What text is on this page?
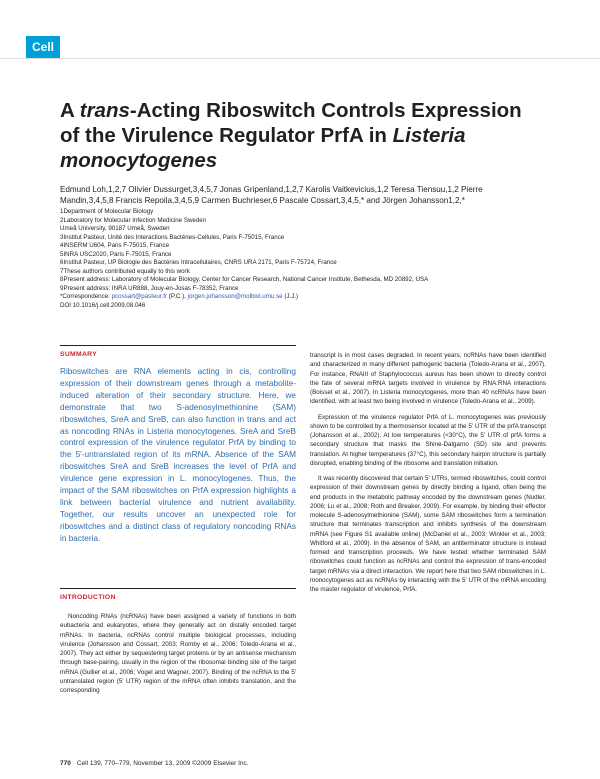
Cell
A trans-Acting Riboswitch Controls Expression of the Virulence Regulator PrfA in Listeria monocytogenes
Edmund Loh,1,2,7 Olivier Dussurget,3,4,5,7 Jonas Gripenland,1,2,7 Karolis Vaitkevicius,1,2 Teresa Tiensuu,1,2 Pierre Mandin,3,4,5,8 Francis Repoila,3,4,5,9 Carmen Buchrieser,6 Pascale Cossart,3,4,5,* and Jörgen Johansson1,2,*
1Department of Molecular Biology
2Laboratory for Molecular Infection Medicine Sweden
Umeå University, 90187 Umeå, Sweden
3Institut Pasteur, Unité des Interactions Bactéries-Cellules, Paris F-75015, France
4INSERM U604, Paris F-75015, France
5INRA USC2020, Paris F-75015, France
6Institut Pasteur, UP Biologie des Bactéries Intracellulaires, CNRS URA 2171, Paris F-75724, France
7These authors contributed equally to this work
8Present address: Laboratory of Molecular Biology, Center for Cancer Research, National Cancer Institute, Bethesda, MD 20892, USA
9Present address: INRA UR888, Jouy-en-Josas F-78352, France
*Correspondence: pcossart@pasteur.fr (P.C.), jorgen.johansson@molbiol.umu.se (J.J.)
DOI 10.1016/j.cell.2009.08.046
SUMMARY
Riboswitches are RNA elements acting in cis, controlling expression of their downstream genes through a metabolite-induced alteration of their secondary structure. Here, we demonstrate that two S-adenosylmethionine (SAM) riboswitches, SreA and SreB, can also function in trans and act as noncoding RNAs in Listeria monocytogenes. SreA and SreB control expression of the virulence regulator PrfA by binding to the 5′-untranslated region of its mRNA. Absence of the SAM riboswitches SreA and SreB increases the level of PrfA and virulence gene expression in L. monocytogenes. Thus, the impact of the SAM riboswitches on PrfA expression highlights a link between bacterial virulence and nutrient availability. Together, our results uncover an unexpected role for riboswitches and a distinct class of regulatory noncoding RNAs in bacteria.
INTRODUCTION

Noncoding RNAs (ncRNAs) have been assigned a variety of functions in both eubacteria and eukaryotes, where they generally act on distally encoded target mRNAs. In bacteria, ncRNAs control multiple biological processes, including virulence (Johansson and Cossart, 2003; Romby et al., 2006; Toledo-Arana et al., 2007). They act either by sequestering target proteins or by an antisense mechanism through base-pairing, usually in the region of the ribosomal binding site of the target mRNA (Gullier et al., 2006; Vogel and Wagner, 2007). Binding of the ncRNA to the 5′ untranslated region (5′ UTR) region of the mRNA often inhibits translation, and the corresponding

transcript is in most cases degraded. In recent years, ncRNAs have been identified and characterized in many different pathogenic bacteria (Toledo-Arana et al., 2007). For instance, RNAIII of Staphylococcus aureus has been shown to directly control the fate of several mRNA targets involved in virulence by RNA:RNA interactions (Boisset et al., 2007). In Listeria monocytogenes, more than 40 ncRNAs have been identified, with at least two being involved in virulence (Toledo-Arana et al., 2009).

Expression of the virulence regulator PrfA of L. monocytogenes was previously shown to be controlled by a thermosensor located at the 5′ UTR of the prfA transcript (Johansson et al., 2002). At low temperatures (<30°C), the 5′ UTR of prfA forms a secondary structure that masks the Shine-Dalgarno (SD) site and prevents translation. At higher temperatures (37°C), this secondary hairpin structure is partially disrupted, enabling binding of the ribosome and translation initiation.

It was recently discovered that certain 5′ UTRs, termed riboswitches, could control expression of their downstream genes by directly binding a ligand, often being the end products in the metabolic pathway encoded by the downstream genes (Nudler, 2006; Lu et al., 2008; Roth and Breaker, 2009). For example, by binding their effector molecule S-adenosylmethionine (SAM), some SAM riboswitches form a termination structure that terminates transcription and inhibits synthesis of the downstream mRNA (see Figure S1 available online) (McDaniel et al., 2003; Winkler et al., 2003; Whitford et al., 2009). In the absence of SAM, an antiterminator structure is instead formed and transcription proceeds. We have tested whether terminated SAM riboswitches could function as ncRNAs and control the expression of trans-encoded target mRNAs via a direct interaction. We report here that two SAM riboswitches in L. monocytogenes act as ncRNAs by interacting with the 5′ UTR of the mRNA encoding the master regulator of virulence, PrfA.

770 Cell 139, 770–779, November 13, 2009 ©2009 Elsevier Inc.
